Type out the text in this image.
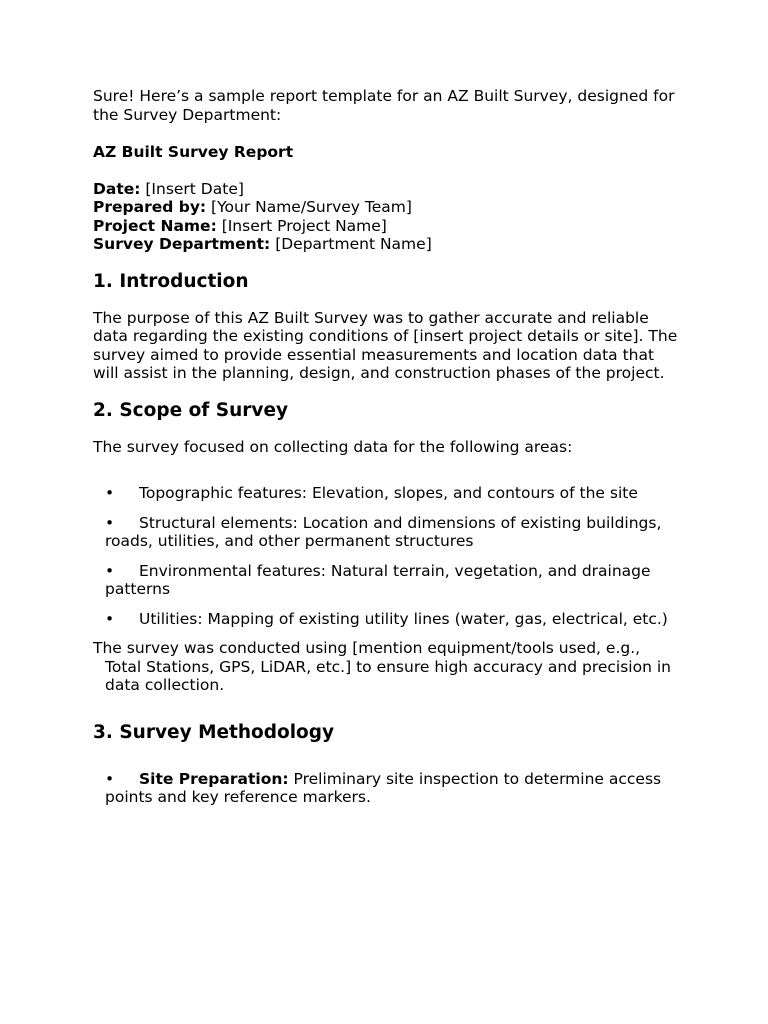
Sure! Here’s a sample report template for an AZ Built Survey, designed for the Survey Department:

AZ Built Survey Report

Date: [Insert Date]

Prepared by: [Your Name/Survey Team]

Project Name: [Insert Project Name]

Survey Department: [Department Name]

1. Introduction

The purpose of this AZ Built Survey was to gather accurate and reliable data regarding the existing conditions of [insert project details or site]. The survey aimed to provide essential measurements and location data that will assist in the planning, design, and construction phases of the project.

2. Scope of Survey

The survey focused on collecting data for the following areas:

• Topographic features: Elevation, slopes, and contours of the site
• Structural elements: Location and dimensions of existing buildings, roads, utilities, and other permanent structures
• Environmental features: Natural terrain, vegetation, and drainage patterns
• Utilities: Mapping of existing utility lines (water, gas, electrical, etc.)

The survey was conducted using [mention equipment/tools used, e.g., Total Stations, GPS, LiDAR, etc.] to ensure high accuracy and precision in data collection.

3. Survey Methodology
• Site Preparation: Preliminary site inspection to determine access points and key reference markers.
